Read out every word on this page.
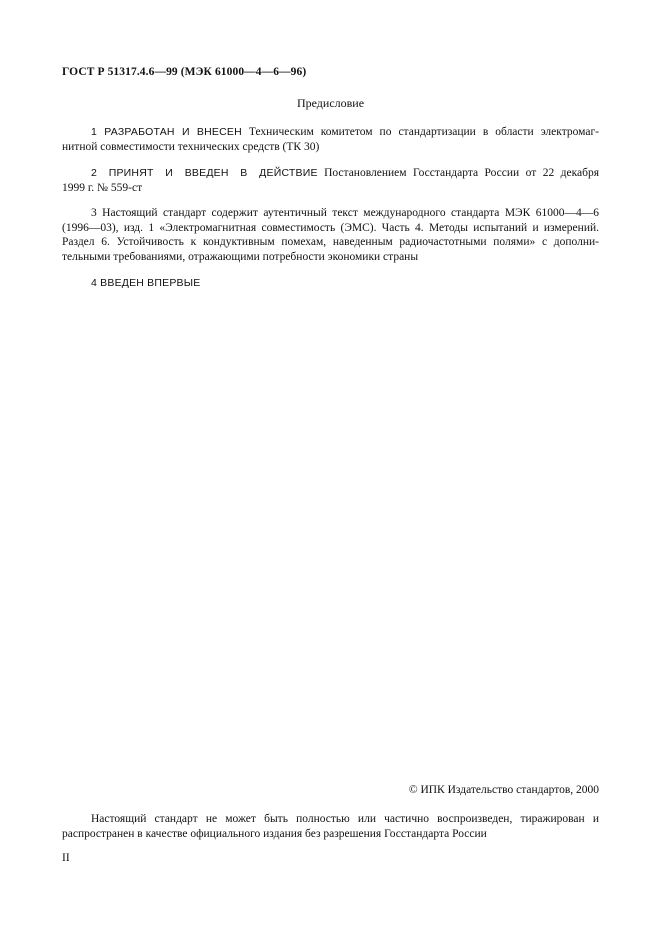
ГОСТ Р 51317.4.6—99 (МЭК 61000—4—6—96)
Предисловие
1 РАЗРАБОТАН И ВНЕСЕН Техническим комитетом по стандартизации в области электромаг-
нитной совместимости технических средств (ТК 30)
2 ПРИНЯТ И ВВЕДЕН В ДЕЙСТВИЕ Постановлением Госстандарта России от 22 декабря
1999 г. № 559-ст
3 Настоящий стандарт содержит аутентичный текст международного стандарта МЭК 61000—4—6
(1996—03), изд. 1 «Электромагнитная совместимость (ЭМС). Часть 4. Методы испытаний и измерений.
Раздел 6. Устойчивость к кондуктивным помехам, наведенным радиочастотными полями» с дополни-
тельными требованиями, отражающими потребности экономики страны
4 ВВЕДЕН ВПЕРВЫЕ
© ИПК Издательство стандартов, 2000
Настоящий стандарт не может быть полностью или частично воспроизведен, тиражирован и
распространен в качестве официального издания без разрешения Госстандарта России
II
